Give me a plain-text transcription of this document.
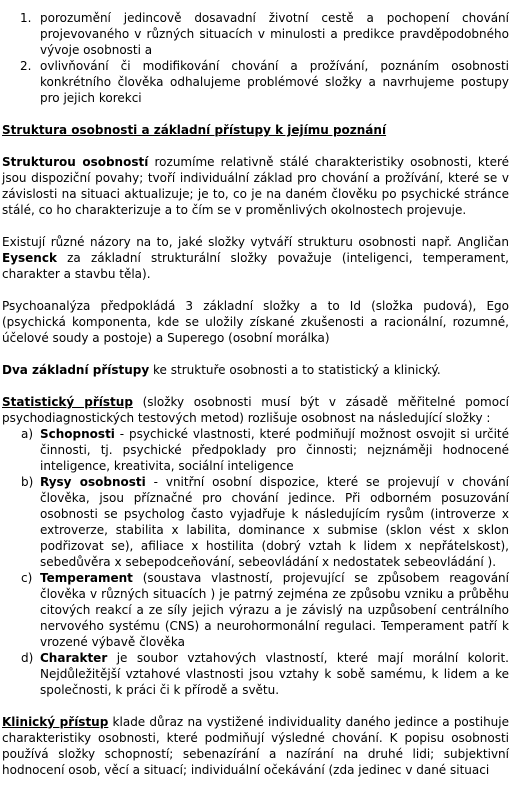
1. porozumění jedincově dosavadní životní cestě a pochopení chování projevovaného v různých situacích v minulosti a predikce pravděpodobného vývoje osobnosti a
2. ovlivňování či modifikování chování a prožívání, poznáním osobnosti konkrétního člověka odhalujeme problémové složky a navrhujeme postupy pro jejich korekci

Struktura osobnosti a základní přístupy k jejímu poznání

Strukturou osobností rozumíme relativně stálé charakteristiky osobnosti, které jsou dispoziční povahy; tvoří individuální základ pro chování a prožívání, které se v závislosti na situaci aktualizuje; je to, co je na daném člověku po psychické stránce stálé, co ho charakterizuje a to čím se v proměnlivých okolnostech projevuje.

Existují různé názory na to, jaké složky vytváří strukturu osobnosti např. Angličan Eysenck za základní strukturální složky považuje (inteligenci, temperament, charakter a stavbu těla).

Psychoanalýza předpokládá 3 základní složky a to Id (složka pudová), Ego (psychická komponenta, kde se uložily získané zkušenosti a racionální, rozumné, účelové soudy a postoje) a Superego (osobní morálka)

Dva základní přístupy ke struktuře osobnosti a to statistický a klinický.

Statistický přístup (složky osobnosti musí být v zásadě měřitelné pomocí psychodiagnostických testových metod) rozlišuje osobnost na následující složky :

a) Schopnosti - psychické vlastnosti, které podmiňují možnost osvojit si určité činnosti, tj. psychické předpoklady pro činnosti; nejznáměji hodnocené inteligence, kreativita, sociální inteligence
b) Rysy osobnosti - vnitřní osobní dispozice, které se projevují v chování člověka, jsou příznačné pro chování jedince. Při odborném posuzování osobnosti se psycholog často vyjadřuje k následujícím rysům (introverze x extroverze, stabilita x labilita, dominance x submise (sklon vést x sklon podřizovat se), afiliace x hostilita (dobrý vztah k lidem x nepřátelskost), sebedůvěra x sebepodceňování, sebeovládání x nedostatek sebeovládání ).
c) Temperament (soustava vlastností, projevující se způsobem reagování člověka v různých situacích ) je patrný zejména ze způsobu vzniku a průběhu citových reakcí a ze síly jejich výrazu a je závislý na uzpůsobení centrálního nervového systému (CNS) a neurohormonální regulaci. Temperament patří k vrozené výbavě člověka
d) Charakter je soubor vztahových vlastností, které mají morální kolorit. Nejdůležitější vztahové vlastnosti jsou vztahy k sobě samému, k lidem a ke společnosti, k práci či k přírodě a světu.

Klinický přístup klade důraz na vystižené individuality daného jedince a postihuje charakteristiky osobnosti, které podmiňují výsledné chování. K popisu osobnosti používá složky schopností; sebenazírání a nazírání na druhé lidi; subjektivní hodnocení osob, věcí a situací; individuální očekávání (zda jedinec v dané situaci
